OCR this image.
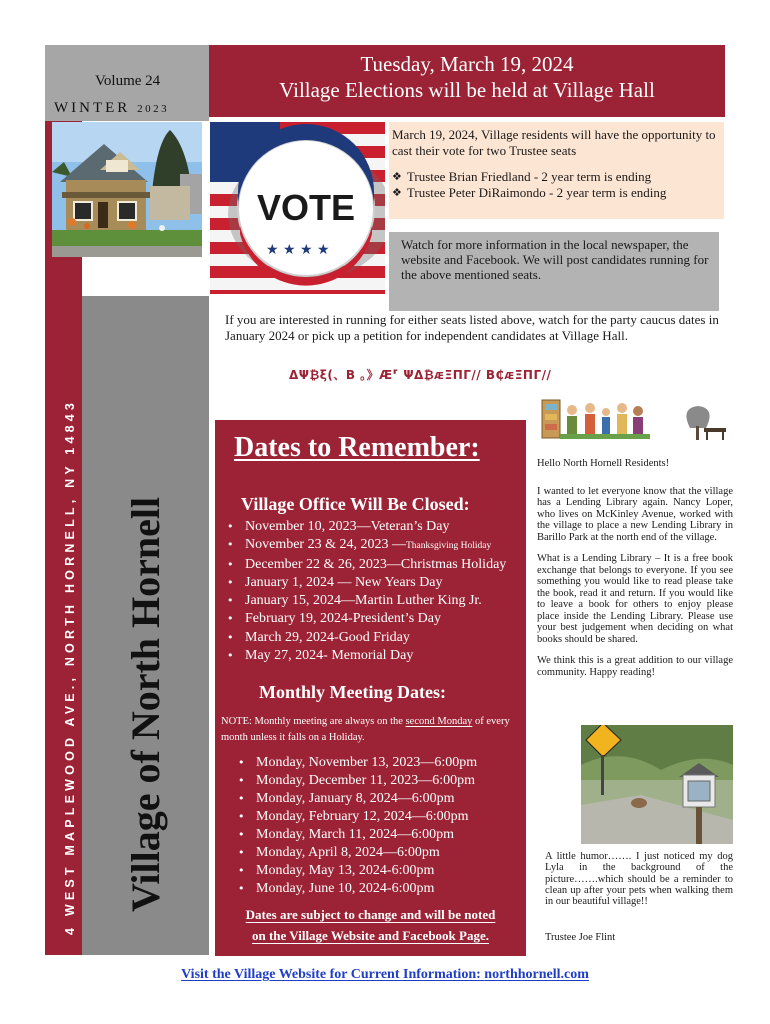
4 WEST MAPLEWOOD AVE., NORTH HORNELL, NY 14843 Village of North Hornell
Volume 24
WINTER 2023
Tuesday, March 19, 2024
Village Elections will be held at Village Hall
★ ★ ★ ★ ★
VOTE
★ ★ ★ ★
March 19, 2024, Village residents will have the opportunity to cast their vote for two Trustee seats
❖ Trustee Brian Friedland - 2 year term is ending
❖ Trustee Peter DiRaimondo - 2 year term is ending
Watch for more information in the local newspaper, the website and Facebook. We will post candidates running for the above mentioned seats.
If you are interested in running for either seats listed above, watch for the party caucus dates in January 2024 or pick up a petition for independent candidates at Village Hall.
ΔΨ₿ξ(、Β 。》Æ⸢ ΨΔ₿ᴁΞΠΓ// Β₵ᴁΞΠΓ//
Dates to Remember:
Village Office Will Be Closed:
• November 10, 2023—Veteran’s Day
• November 23 & 24, 2023 —Thanksgiving Holiday
• December 22 & 26, 2023—Christmas Holiday
• January 1, 2024 — New Years Day
• January 15, 2024—Martin Luther King Jr.
• February 19, 2024-President’s Day
• March 29, 2024-Good Friday
• May 27, 2024- Memorial Day
Monthly Meeting Dates:
NOTE: Monthly meeting are always on the second Monday of every month unless it falls on a Holiday.
• Monday, November 13, 2023—6:00pm
• Monday, December 11, 2023—6:00pm
• Monday, January 8, 2024—6:00pm
• Monday, February 12, 2024—6:00pm
• Monday, March 11, 2024—6:00pm
• Monday, April 8, 2024—6:00pm
• Monday, May 13, 2024-6:00pm
• Monday, June 10, 2024-6:00pm
Dates are subject to change and will be noted
on the Village Website and Facebook Page.

Hello North Hornell Residents!

I wanted to let everyone know that the village has a Lending Library again. Nancy Loper, who lives on McKinley Avenue, worked with the village to place a new Lending Library in Barillo Park at the north end of the village.

What is a Lending Library – It is a free book exchange that belongs to everyone. If you see something you would like to read please take the book, read it and return. If you would like to leave a book for others to enjoy please place inside the Lending Library. Please use your best judgement when deciding on what books should be shared.

We think this is a great addition to our village community. Happy reading!

A little humor……. I just noticed my dog Lyla in the background of the picture…….which should be a reminder to clean up after your pets when walking them in our beautiful village!!
Trustee Joe Flint
Visit the Village Website for Current Information: northhornell.com
